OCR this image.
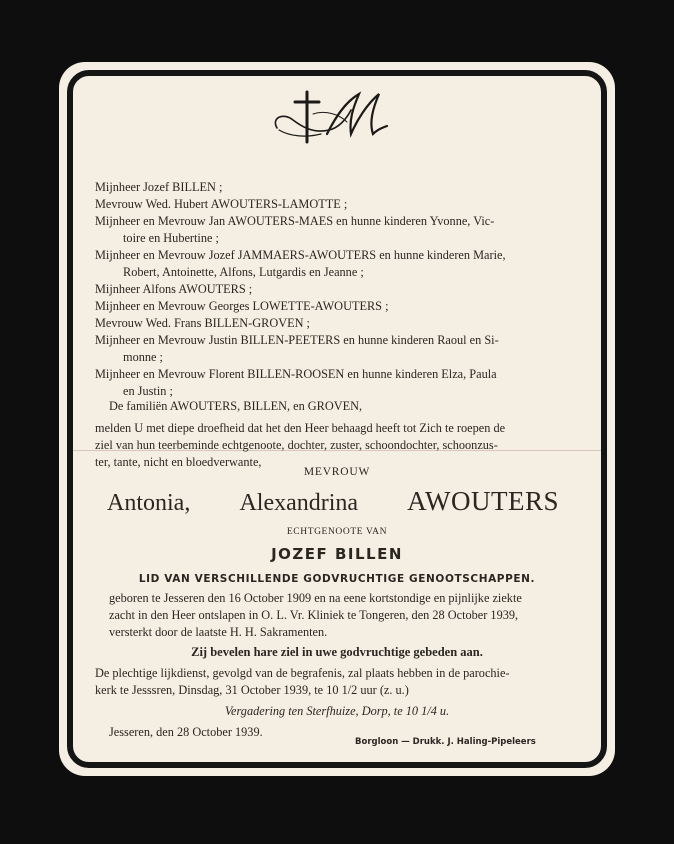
Mijnheer Jozef BILLEN ;
Mevrouw Wed. Hubert AWOUTERS-LAMOTTE ;
Mijnheer en Mevrouw Jan AWOUTERS-MAES en hunne kinderen Yvonne, Vic-
toire en Hubertine ;
Mijnheer en Mevrouw Jozef JAMMAERS-AWOUTERS en hunne kinderen Marie,
Robert, Antoinette, Alfons, Lutgardis en Jeanne ;
Mijnheer Alfons AWOUTERS ;
Mijnheer en Mevrouw Georges LOWETTE-AWOUTERS ;
Mevrouw Wed. Frans BILLEN-GROVEN ;
Mijnheer en Mevrouw Justin BILLEN-PEETERS en hunne kinderen Raoul en Si-
monne ;
Mijnheer en Mevrouw Florent BILLEN-ROOSEN en hunne kinderen Elza, Paula
en Justin ;
De familiën AWOUTERS, BILLEN, en GROVEN,
melden U met diepe droefheid dat het den Heer behaagd heeft tot Zich te roepen de
ziel van hun teerbeminde echtgenoote, dochter, zuster, schoondochter, schoonzus-
ter, tante, nicht en bloedverwante,
MEVROUW
Antonia, Alexandrina AWOUTERS
ECHTGENOOTE VAN
JOZEF BILLEN
LID VAN VERSCHILLENDE GODVRUCHTIGE GENOOTSCHAPPEN.
geboren te Jesseren den 16 October 1909 en na eene kortstondige en pijnlijke ziekte
zacht in den Heer ontslapen in O. L. Vr. Kliniek te Tongeren, den 28 October 1939,
versterkt door de laatste H. H. Sakramenten.
Zij bevelen hare ziel in uwe godvruchtige gebeden aan.
De plechtige lijkdienst, gevolgd van de begrafenis, zal plaats hebben in de parochie-
kerk te Jesssren, Dinsdag, 31 October 1939, te 10 1/2 uur (z. u.)
Vergadering ten Sterfhuize, Dorp, te 10 1/4 u.
Jesseren, den 28 October 1939.
Borgloon — Drukk. J. Haling-Pipeleers
